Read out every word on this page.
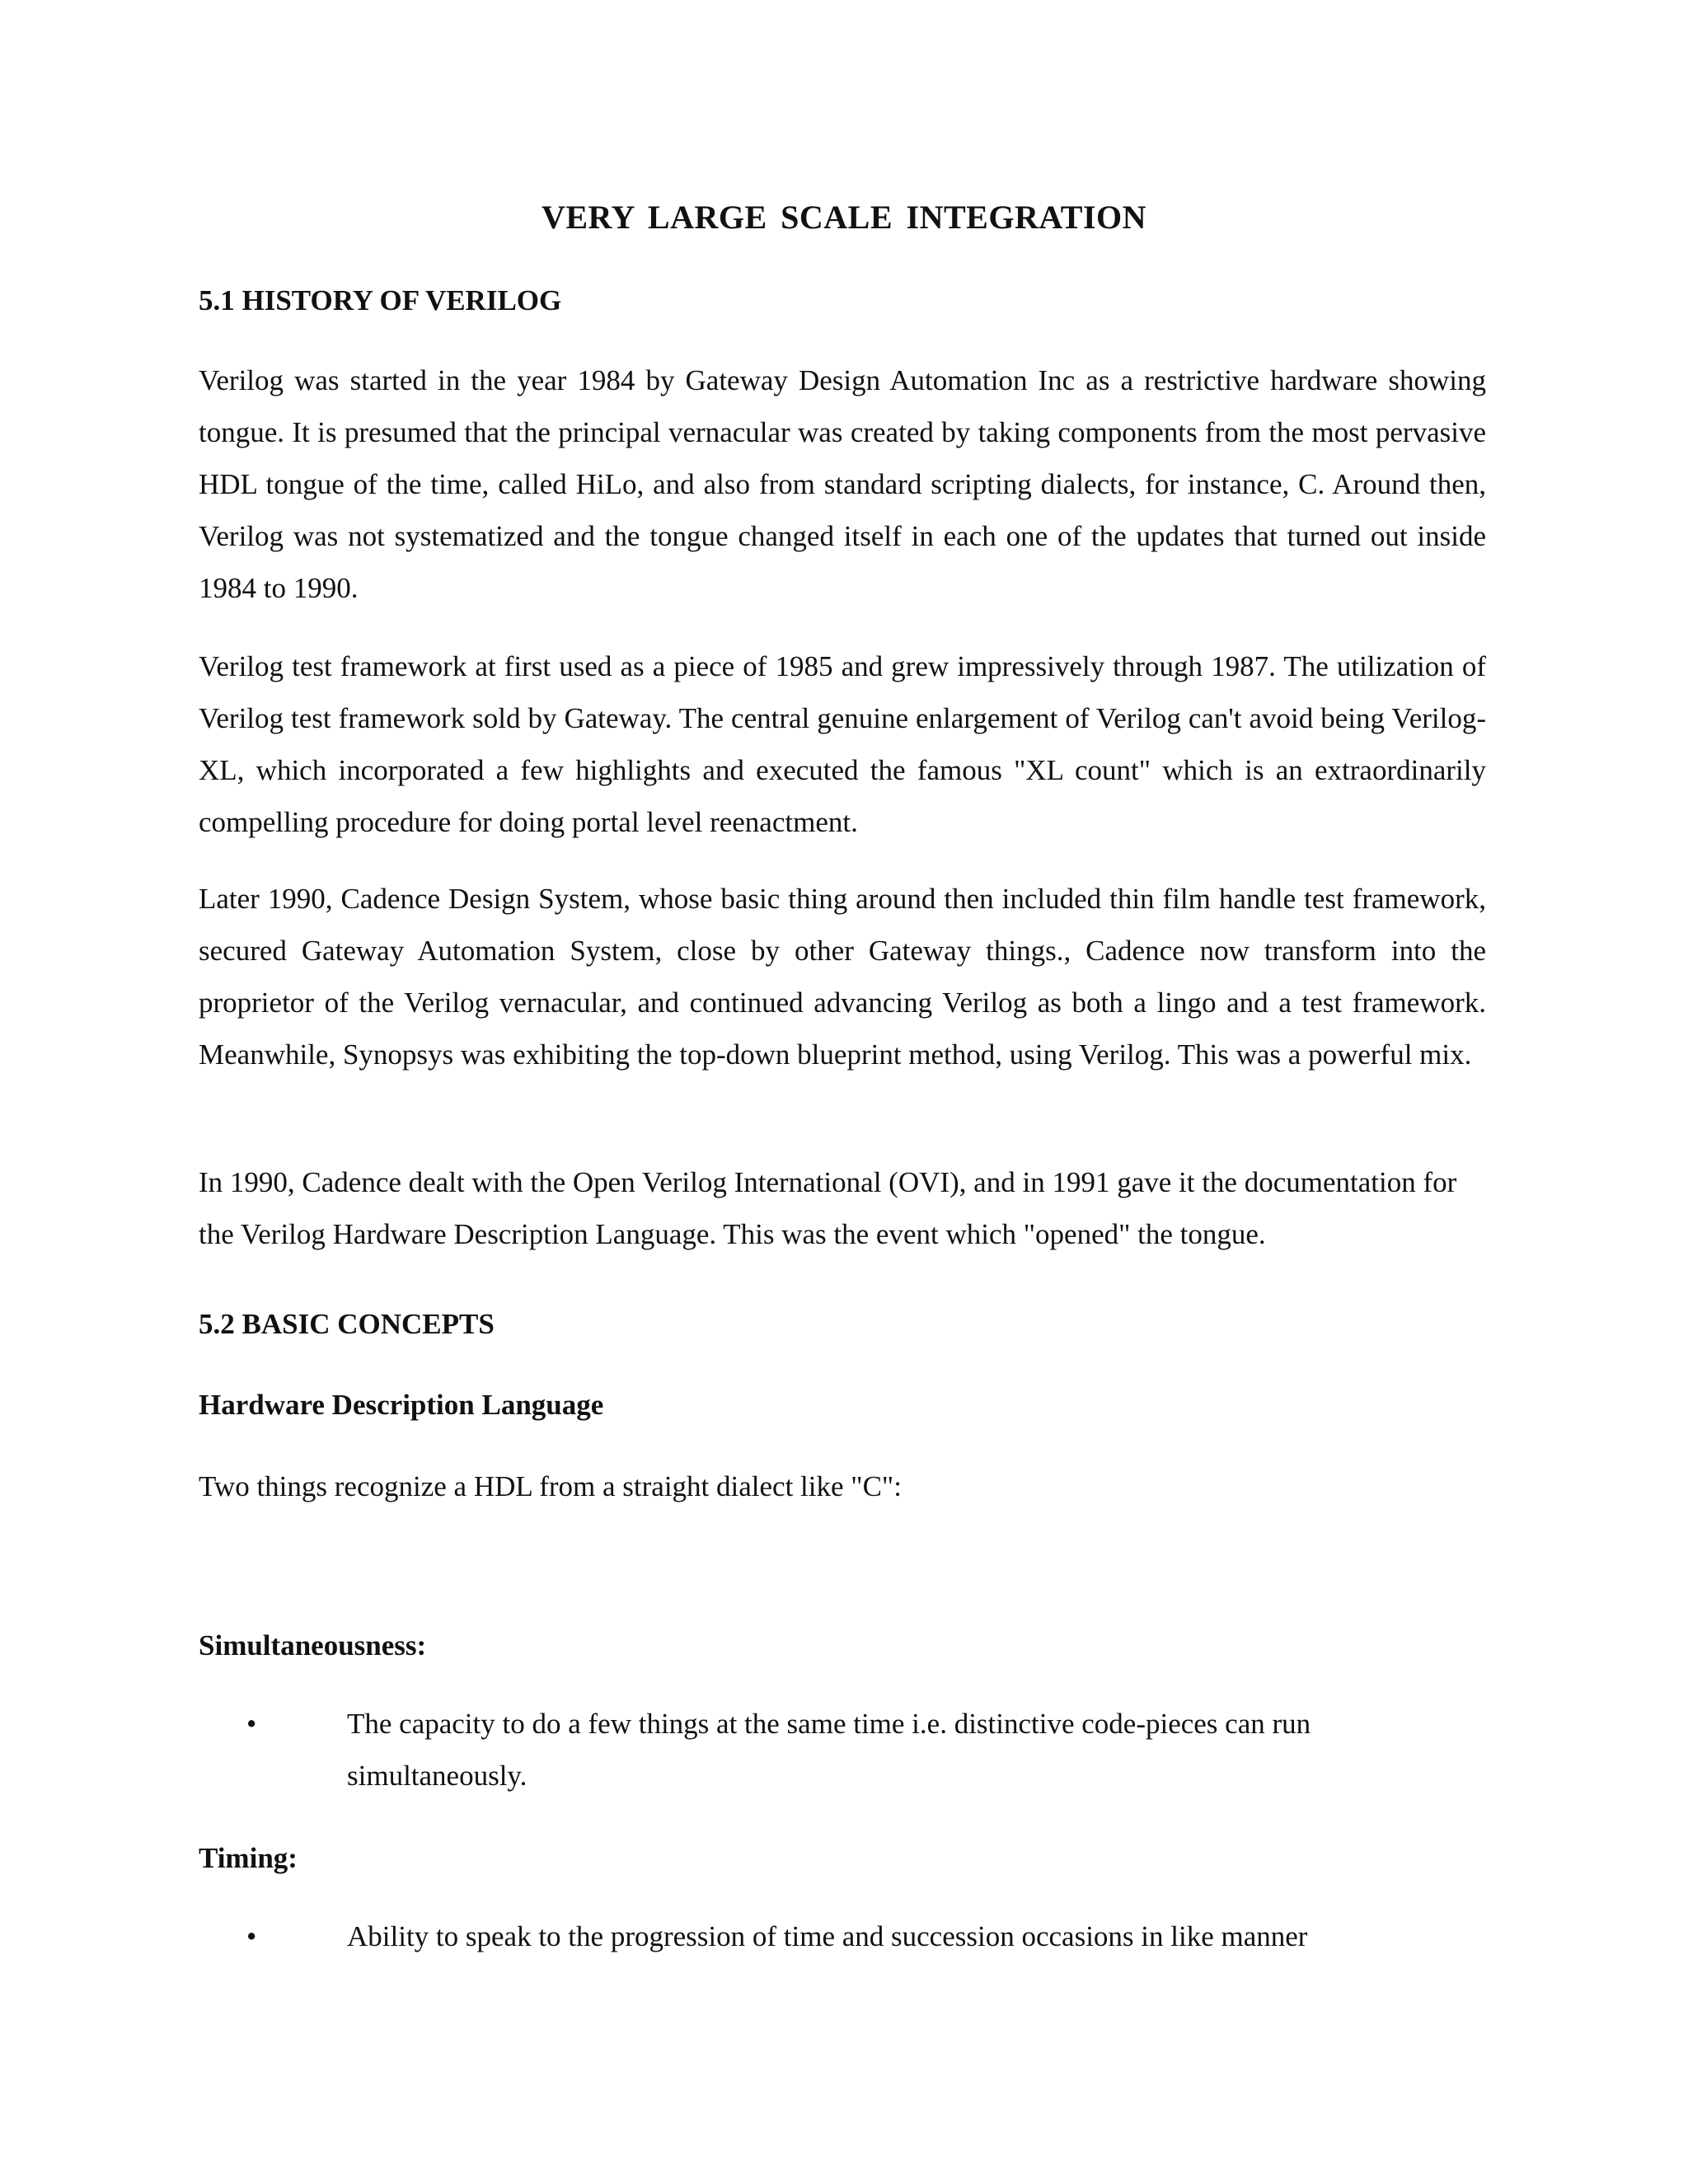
VERY LARGE SCALE INTEGRATION
5.1 HISTORY OF VERILOG

Verilog was started in the year 1984 by Gateway Design Automation Inc as a restrictive hardware showing tongue. It is presumed that the principal vernacular was created by taking components from the most pervasive HDL tongue of the time, called HiLo, and also from standard scripting dialects, for instance, C. Around then, Verilog was not systematized and the tongue changed itself in each one of the updates that turned out inside 1984 to 1990.

Verilog test framework at first used as a piece of 1985 and grew impressively through 1987. The utilization of Verilog test framework sold by Gateway. The central genuine enlargement of Verilog can't avoid being Verilog-XL, which incorporated a few highlights and executed the famous "XL count" which is an extraordinarily compelling procedure for doing portal level reenactment.

Later 1990, Cadence Design System, whose basic thing around then included thin film handle test framework, secured Gateway Automation System, close by other Gateway things., Cadence now transform into the proprietor of the Verilog vernacular, and continued advancing Verilog as both a lingo and a test framework. Meanwhile, Synopsys was exhibiting the top-down blueprint method, using Verilog. This was a powerful mix.

In 1990, Cadence dealt with the Open Verilog International (OVI), and in 1991 gave it the documentation for the Verilog Hardware Description Language. This was the event which "opened" the tongue.

5.2 BASIC CONCEPTS
Hardware Description Language

Two things recognize a HDL from a straight dialect like "C":

Simultaneousness:
•	The capacity to do a few things at the same time i.e. distinctive code-pieces can run simultaneously.
Timing:
•	Ability to speak to the progression of time and succession occasions in like manner
